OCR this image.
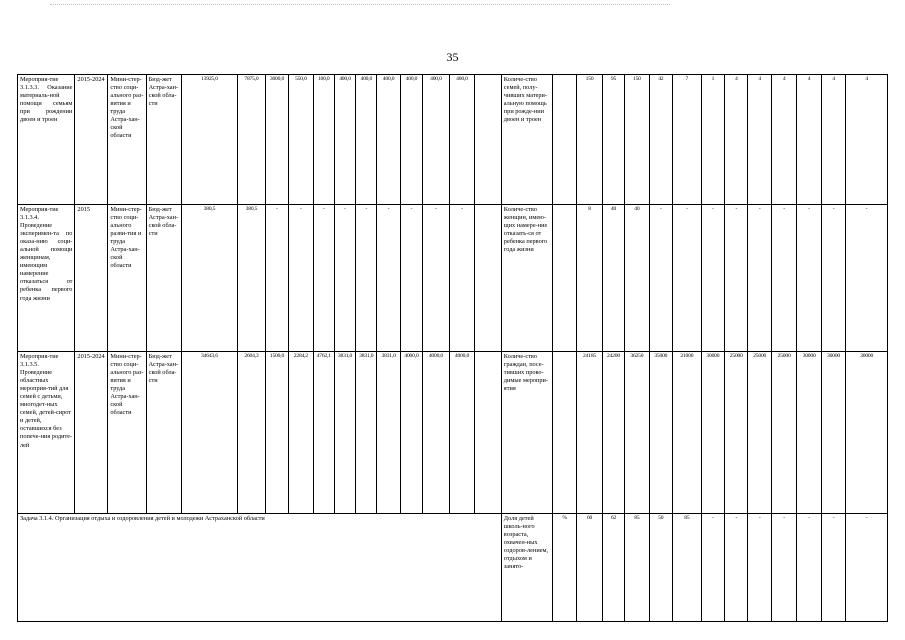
35
Мероприя-тие 3.1.3.3. Оказание материаль-ной помощи семьям при рождении двоен и троен	2015-2024	Мини-стер-ство соци-ального раз-вития и труда Астра-хан-ской области	Бюд-жет Астра-хан-ской обла-сти	13925,0	7875,0	3000,0	550,0	100,0	400,0	400,0	400,0	400,0	400,0	400,0		Количе-ство семей, полу-чивших матери-альную помощь при рожде-нии двоен и троен		150	95	150	42	7	1	4	4	4	4	4	4
Мероприя-тие 3.1.3.4. Проведение эксперимен-та по оказа-нию соци-альной помощи женщинам, имеющим намерение отказаться от ребенка первого года жизни	2015	Мини-стер-ство соци-ального разви-тия и труда Астра-хан-ской области	Бюд-жет Астра-хан-ской обла-сти	380,5	380,5	-	-	-	-	-	-	-	-	-		Количе-ство женщин, имею-щих намере-ние отказать-ся от ребенка первого года жизни		8	40	40	-	-	-	-	-	-	-	-	-
Мероприя-тие 3.1.3.5. Проведение областных мероприя-тий для семей с детьми, многодет-ных семей, детей-сирот и детей, оставшихся без попече-ния родите-лей	2015-2024	Мини-стер-ство соци-ального раз-вития и труда Астра-хан-ской области	Бюд-жет Астра-хан-ской обла-сти	34643,6	2604,3	1500,0	2284,2	4762,1	3831,0	3831,0	3831,0	4000,0	4000,0	4000,0		Количе-ство граждан, посе-тивших прово-димые меропри-ятия		24185	24200	36250	35000	21000	30000	25000	25000	25000	30000	30000	30000
Задача 3.1.4. Организация отдыха и оздоровления детей и молодежи Астраханской области																Доля детей школь-ного возраста, охвачен-ных оздоров-лением, отдыхом и занято-	%	60	62	85	50	85	-	-	-	-	-	-	-
